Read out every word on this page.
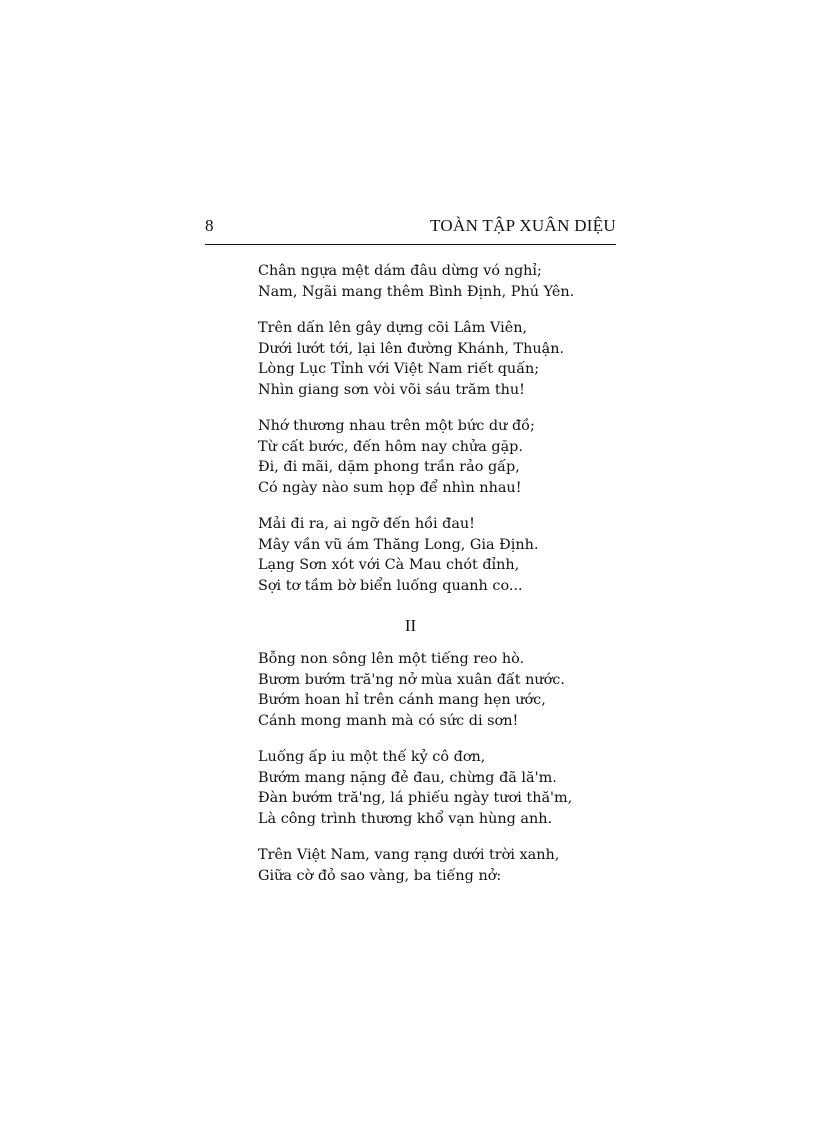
8	TOÀN TẬP XUÂN DIỆU
Chân ngựa mệt dám đâu dừng vó nghỉ;
Nam, Ngãi mang thêm Bình Định, Phú Yên.
Trên dấn lên gây dựng cõi Lâm Viên,
Dưới lướt tới, lại lên đường Khánh, Thuận.
Lòng Lục Tỉnh với Việt Nam riết quấn;
Nhìn giang sơn vòi või sáu trăm thu!
Nhớ thương nhau trên một bức dư đồ;
Từ cất bước, đến hôm nay chửa gặp.
Đi, đi mãi, dặm phong trần rảo gấp,
Có ngày nào sum họp để nhìn nhau!
Mải đi ra, ai ngỡ đến hồi đau!
Mây vần vũ ám Thăng Long, Gia Định.
Lạng Sơn xót với Cà Mau chót đỉnh,
Sợi tơ tầm bờ biển luống quanh co...
II
Bỗng non sông lên một tiếng reo hò.
Bươm bướm tră'ng nở mùa xuân đất nước.
Bướm hoan hỉ trên cánh mang hẹn ước,
Cánh mong manh mà có sức di sơn!
Luống ấp iu một thế kỷ cô đơn,
Bướm mang nặng đẻ đau, chừng đã lă'm.
Đàn bướm tră'ng, lá phiếu ngày tươi thă'm,
Là công trình thương khổ vạn hùng anh.
Trên Việt Nam, vang rạng dưới trời xanh,
Giữa cờ đỏ sao vàng, ba tiếng nở:
